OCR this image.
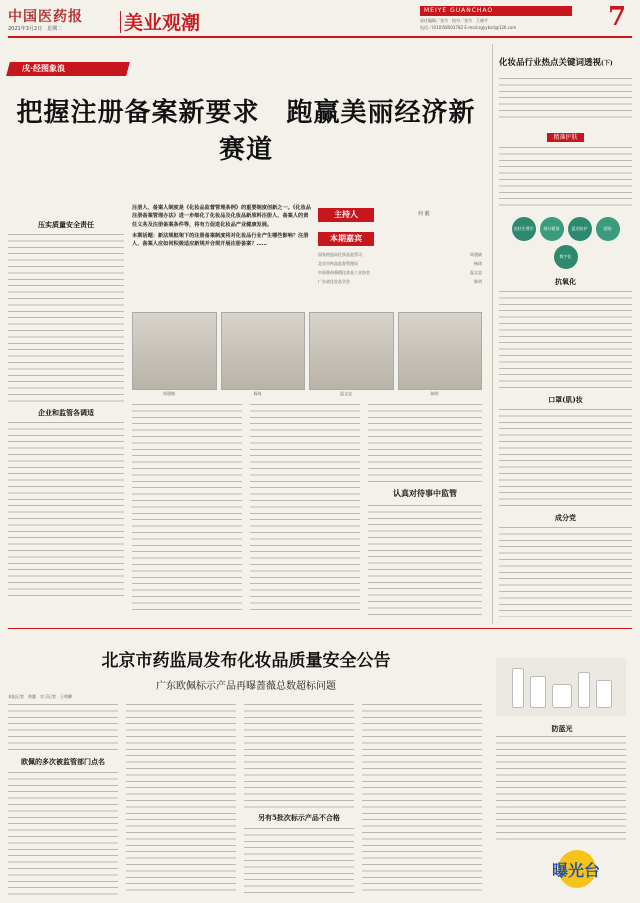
中国医药报
2021年3月2日　 星期二	美业观潮
MEIYE GUANCHAO
责任编辑／张丹　校对／张丹　王晓平
电话／(010)58003782 E-mail:zgyybzd@126.com	7
戌·经图象浪
把握注册备案新要求　跑赢美丽经济新赛道
压实质量安全责任
企业和监管各调适

注册人、备案人制度是《化妆品监督管理条例》的重要制度创新之一。《化妆品注册备案管理办法》进一步细化了化妆品及化妆品新原料注册人、备案人的责任义务及注册备案条件等，将有力促进化妆品产业健康发展。

本期话题：新法规框架下的注册备案制度将对化妆品行业产生哪些影响？注册人、备案人应如何积极适应新规并合规开展注册备案？……

主持人	何 毅
本期嘉宾
国家药监局化妆品监管司	周建斌
北京市药品监督管理局	杨琦
中国香料香精化妆品工业协会	温文忠
广东省化妆品学会	陈明
周建斌	杨琦	温文忠	陈明
认真对待事中监管
化妆品行业热点关键词透视(下)
精准护肤
皮肤生理学	细分精准	蓝光防护	团购
数字化
抗氧化
口罩(肌)妆
成分党
北京市药监局发布化妆品质量安全公告
广东欧佩标示产品再曝蔷薇总数超标问题
本报记者　黄翼　实习记者　王明卿
欧佩的多次被监管部门点名
另有5批次标示产品不合格
防蓝光
曝光台
